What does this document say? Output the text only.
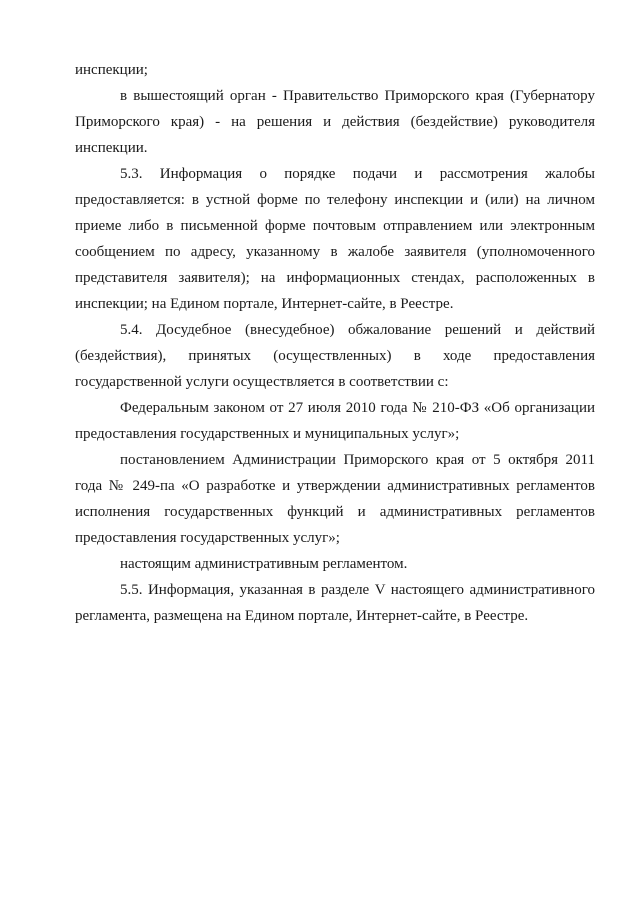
инспекции;

в вышестоящий орган - Правительство Приморского края (Губернатору Приморского края) - на решения и действия (бездействие) руководителя инспекции.

5.3. Информация о порядке подачи и рассмотрения жалобы предоставляется: в устной форме по телефону инспекции и (или) на личном приеме либо в письменной форме почтовым отправлением или электронным сообщением по адресу, указанному в жалобе заявителя (уполномоченного представителя заявителя); на информационных стендах, расположенных в инспекции; на Едином портале, Интернет-сайте, в Реестре.

5.4. Досудебное (внесудебное) обжалование решений и действий (бездействия), принятых (осуществленных) в ходе предоставления государственной услуги осуществляется в соответствии с:

Федеральным законом от 27 июля 2010 года № 210-ФЗ «Об организации предоставления государственных и муниципальных услуг»;

постановлением Администрации Приморского края от 5 октября 2011 года № 249-па «О разработке и утверждении административных регламентов исполнения государственных функций и административных регламентов предоставления государственных услуг»;

настоящим административным регламентом.

5.5. Информация, указанная в разделе V настоящего административного регламента, размещена на Едином портале, Интернет-сайте, в Реестре.
